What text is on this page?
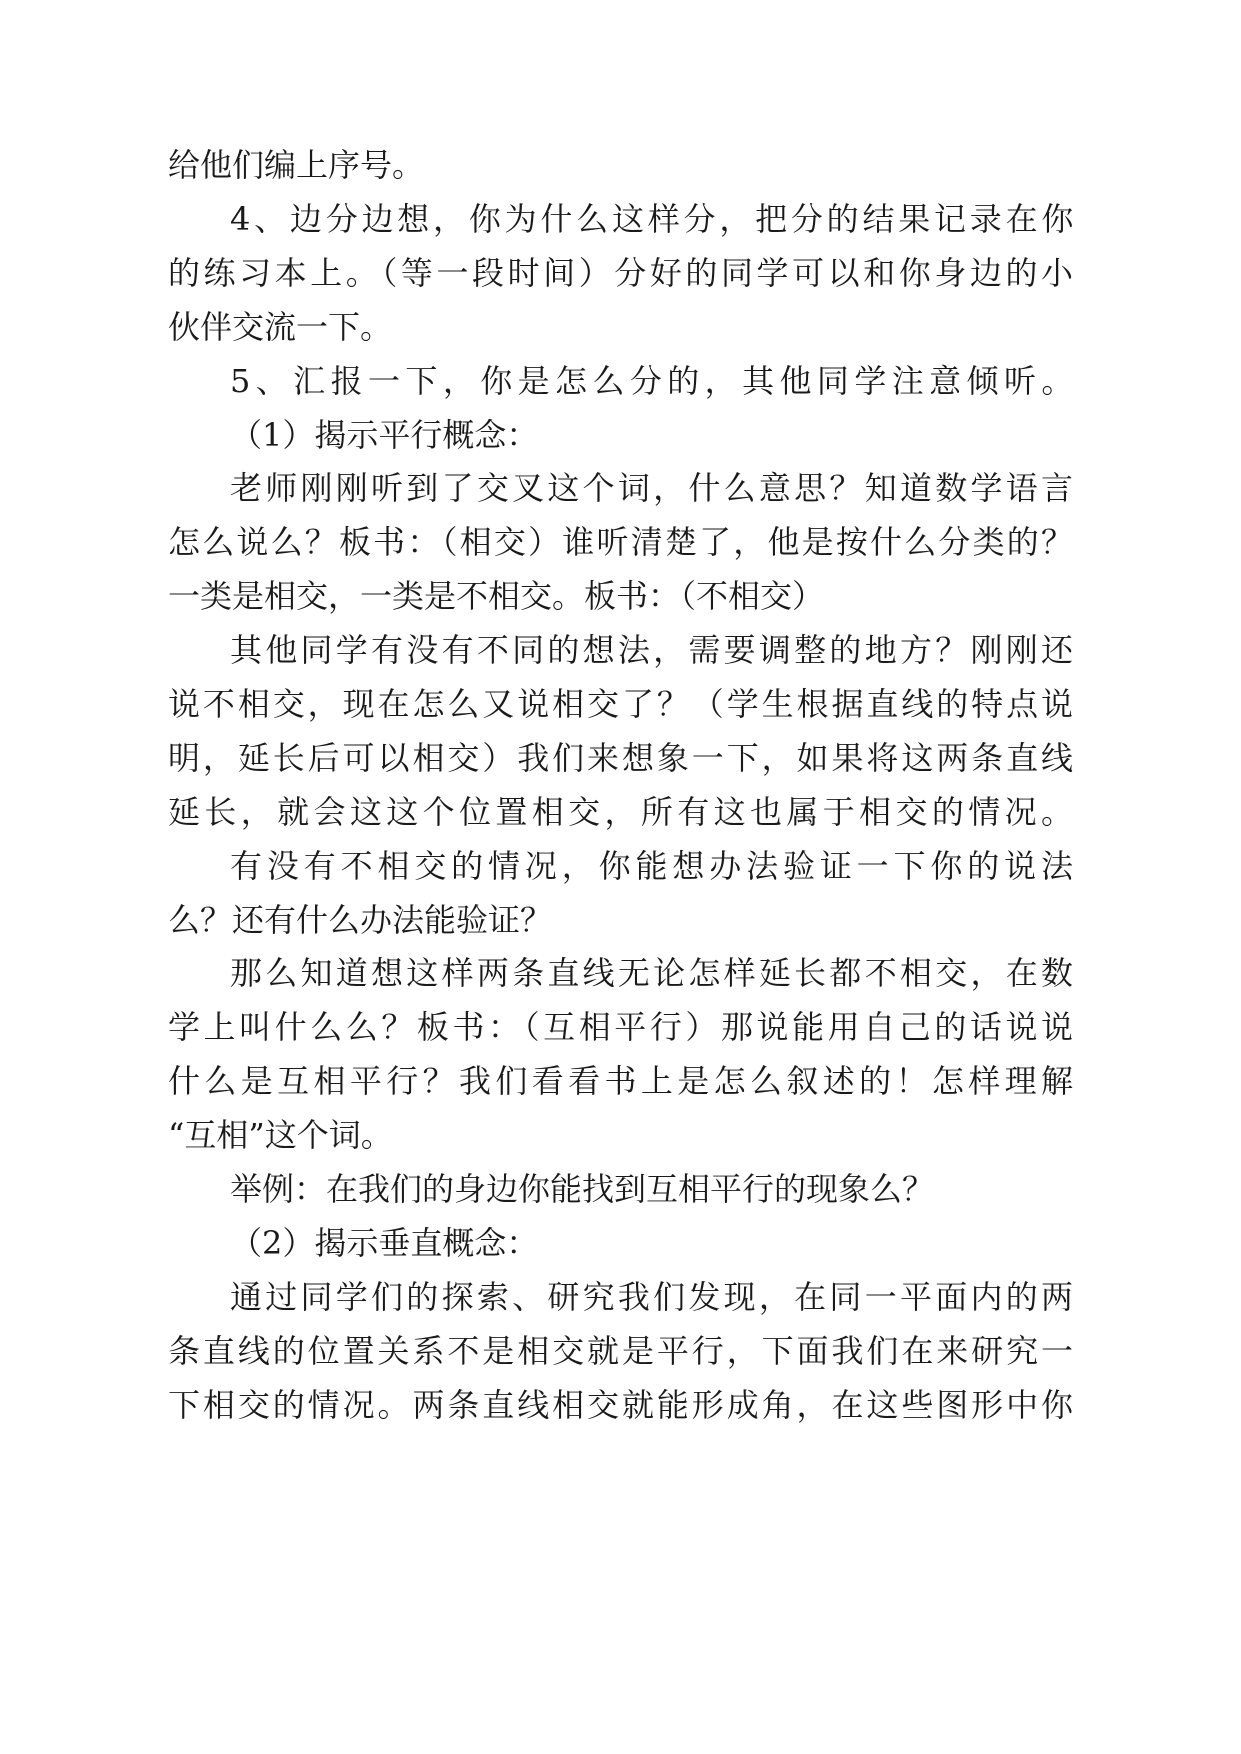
给他们编上序号。
4、边分边想，你为什么这样分，把分的结果记录在你
的练习本上。（等一段时间）分好的同学可以和你身边的小
伙伴交流一下。
5、汇报一下，你是怎么分的，其他同学注意倾听。
（1）揭示平行概念：
老师刚刚听到了交叉这个词，什么意思？知道数学语言
怎么说么？板书：（相交）谁听清楚了，他是按什么分类的？
一类是相交，一类是不相交。板书：（不相交）
其他同学有没有不同的想法，需要调整的地方？刚刚还
说不相交，现在怎么又说相交了？（学生根据直线的特点说
明，延长后可以相交）我们来想象一下，如果将这两条直线
延长，就会这这个位置相交，所有这也属于相交的情况。
有没有不相交的情况，你能想办法验证一下你的说法
么？还有什么办法能验证？
那么知道想这样两条直线无论怎样延长都不相交，在数
学上叫什么么？板书：（互相平行）那说能用自己的话说说
什么是互相平行？我们看看书上是怎么叙述的！怎样理解
“互相”这个词。
举例：在我们的身边你能找到互相平行的现象么？
（2）揭示垂直概念：
通过同学们的探索、研究我们发现，在同一平面内的两
条直线的位置关系不是相交就是平行，下面我们在来研究一
下相交的情况。两条直线相交就能形成角，在这些图形中你
